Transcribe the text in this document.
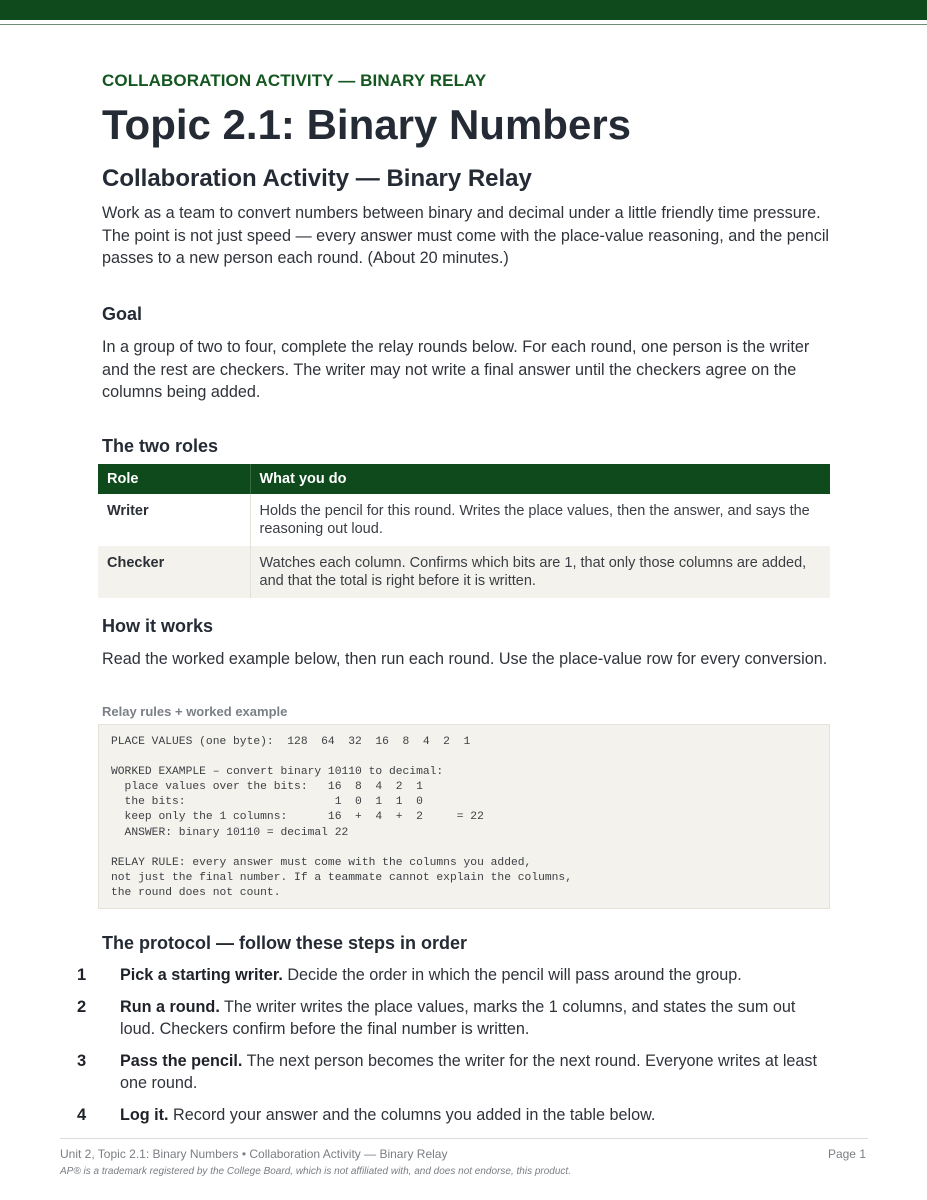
COLLABORATION ACTIVITY — BINARY RELAY
Topic 2.1: Binary Numbers
Collaboration Activity — Binary Relay

Work as a team to convert numbers between binary and decimal under a little friendly time pressure. The point is not just speed — every answer must come with the place-value reasoning, and the pencil passes to a new person each round. (About 20 minutes.)

Goal

In a group of two to four, complete the relay rounds below. For each round, one person is the writer and the rest are checkers. The writer may not write a final answer until the checkers agree on the columns being added.

The two roles
Role	What you do
Writer	Holds the pencil for this round. Writes the place values, then the answer, and says the reasoning out loud.
Checker	Watches each column. Confirms which bits are 1, that only those columns are added, and that the total is right before it is written.
How it works

Read the worked example below, then run each round. Use the place-value row for every conversion.

Relay rules + worked example
PLACE VALUES (one byte):  128  64  32  16  8  4  2  1

WORKED EXAMPLE – convert binary 10110 to decimal:
place values over the bits:   16  8  4  2  1
the bits:                      1  0  1  1  0
keep only the 1 columns:      16  +  4  +  2     = 22
ANSWER: binary 10110 = decimal 22

RELAY RULE: every answer must come with the columns you added,
not just the final number. If a teammate cannot explain the columns,
the round does not count.
The protocol — follow these steps in order
1 Pick a starting writer. Decide the order in which the pencil will pass around the group.
2 Run a round. The writer writes the place values, marks the 1 columns, and states the sum out loud. Checkers confirm before the final number is written.
3 Pass the pencil. The next person becomes the writer for the next round. Everyone writes at least one round.
4 Log it. Record your answer and the columns you added in the table below.
Unit 2, Topic 2.1: Binary Numbers • Collaboration Activity — Binary Relay	Page 1
AP® is a trademark registered by the College Board, which is not affiliated with, and does not endorse, this product.
